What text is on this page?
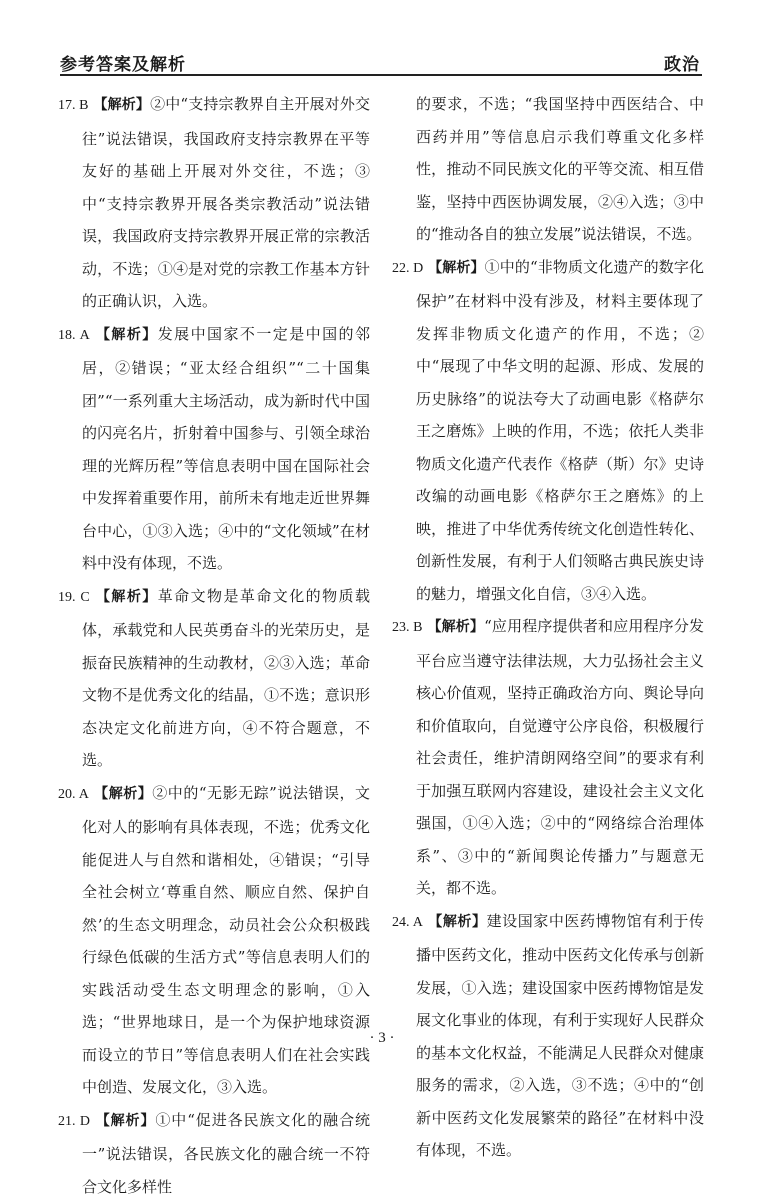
参考答案及解析	政治

17. B 【解析】②中“支持宗教界自主开展对外交往”说法错误，我国政府支持宗教界在平等友好的基础上开展对外交往，不选；③中“支持宗教界开展各类宗教活动”说法错误，我国政府支持宗教界开展正常的宗教活动，不选；①④是对党的宗教工作基本方针的正确认识，入选。

18. A 【解析】发展中国家不一定是中国的邻居，②错误；“亚太经合组织”“二十国集团”“一系列重大主场活动，成为新时代中国的闪亮名片，折射着中国参与、引领全球治理的光辉历程”等信息表明中国在国际社会中发挥着重要作用，前所未有地走近世界舞台中心，①③入选；④中的“文化领域”在材料中没有体现，不选。

19. C 【解析】革命文物是革命文化的物质载体，承载党和人民英勇奋斗的光荣历史，是振奋民族精神的生动教材，②③入选；革命文物不是优秀文化的结晶，①不选；意识形态决定文化前进方向，④不符合题意，不选。

20. A 【解析】②中的“无影无踪”说法错误，文化对人的影响有具体表现，不选；优秀文化能促进人与自然和谐相处，④错误；“引导全社会树立‘尊重自然、顺应自然、保护自然’的生态文明理念，动员社会公众积极践行绿色低碳的生活方式”等信息表明人们的实践活动受生态文明理念的影响，①入选；“世界地球日，是一个为保护地球资源而设立的节日”等信息表明人们在社会实践中创造、发展文化，③入选。

21. D 【解析】①中“促进各民族文化的融合统一”说法错误，各民族文化的融合统一不符合文化多样性

的要求，不选；“我国坚持中西医结合、中西药并用”等信息启示我们尊重文化多样性，推动不同民族文化的平等交流、相互借鉴，坚持中西医协调发展，②④入选；③中的“推动各自的独立发展”说法错误，不选。

22. D 【解析】①中的“非物质文化遗产的数字化保护”在材料中没有涉及，材料主要体现了发挥非物质文化遗产的作用，不选；②中“展现了中华文明的起源、形成、发展的历史脉络”的说法夸大了动画电影《格萨尔王之磨炼》上映的作用，不选；依托人类非物质文化遗产代表作《格萨（斯）尔》史诗改编的动画电影《格萨尔王之磨炼》的上映，推进了中华优秀传统文化创造性转化、创新性发展，有利于人们领略古典民族史诗的魅力，增强文化自信，③④入选。

23. B 【解析】“应用程序提供者和应用程序分发平台应当遵守法律法规，大力弘扬社会主义核心价值观，坚持正确政治方向、舆论导向和价值取向，自觉遵守公序良俗，积极履行社会责任，维护清朗网络空间”的要求有利于加强互联网内容建设，建设社会主义文化强国，①④入选；②中的“网络综合治理体系”、③中的“新闻舆论传播力”与题意无关，都不选。

24. A 【解析】建设国家中医药博物馆有利于传播中医药文化，推动中医药文化传承与创新发展，①入选；建设国家中医药博物馆是发展文化事业的体现，有利于实现好人民群众的基本文化权益，不能满足人民群众对健康服务的需求，②入选，③不选；④中的“创新中医药文化发展繁荣的路径”在材料中没有体现，不选。

· 3 ·
